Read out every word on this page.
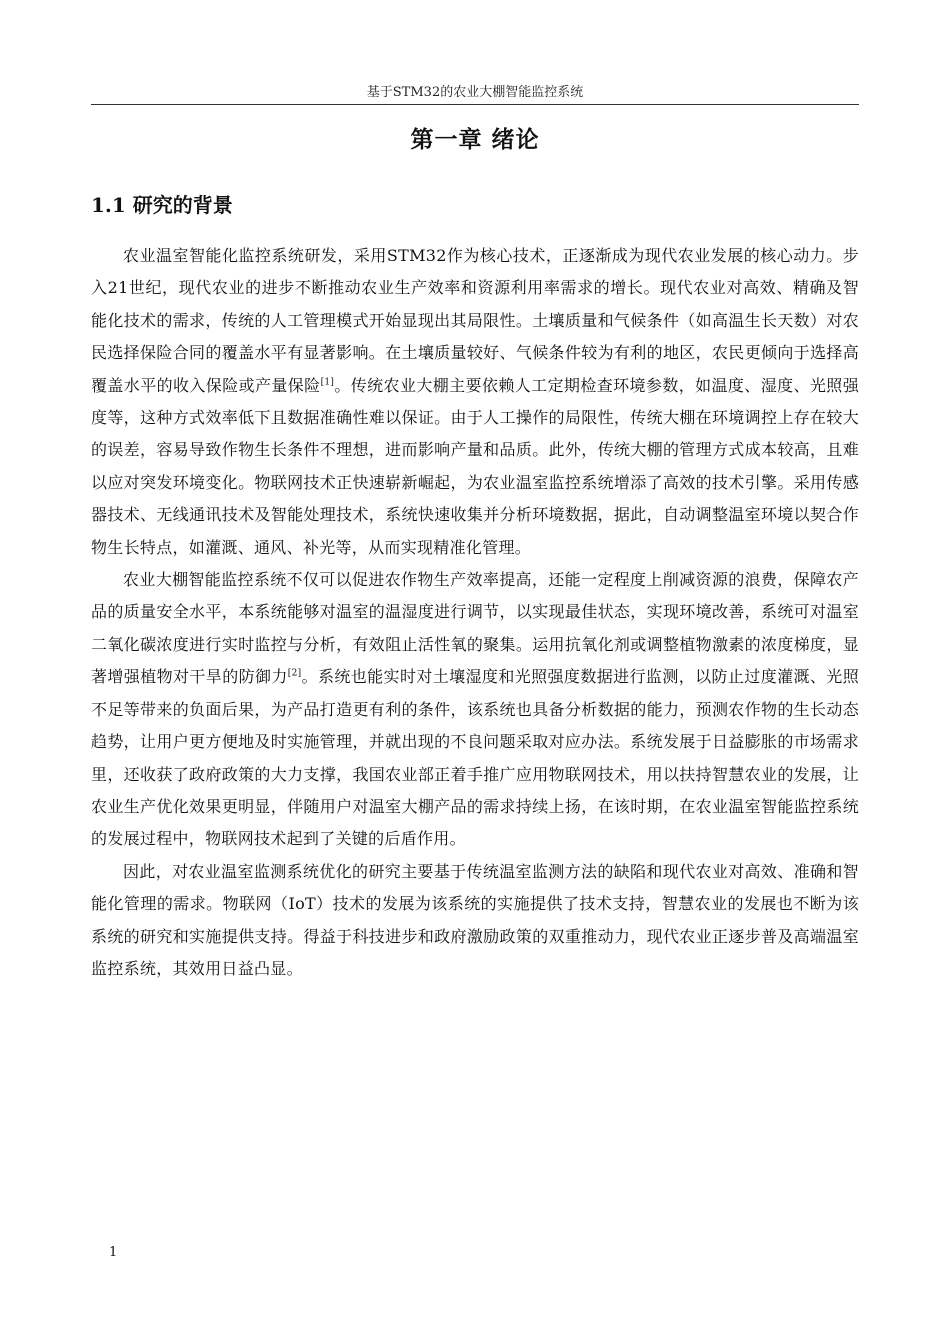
基于STM32的农业大棚智能监控系统
第一章 绪论
1.1 研究的背景

农业温室智能化监控系统研发，采用STM32作为核心技术，正逐渐成为现代农业发展的核心动力。步入21世纪，现代农业的进步不断推动农业生产效率和资源利用率需求的增长。现代农业对高效、精确及智能化技术的需求，传统的人工管理模式开始显现出其局限性。土壤质量和气候条件（如高温生长天数）对农民选择保险合同的覆盖水平有显著影响。在土壤质量较好、气候条件较为有利的地区，农民更倾向于选择高覆盖水平的收入保险或产量保险[1]。传统农业大棚主要依赖人工定期检查环境参数，如温度、湿度、光照强度等，这种方式效率低下且数据准确性难以保证。由于人工操作的局限性，传统大棚在环境调控上存在较大的误差，容易导致作物生长条件不理想，进而影响产量和品质。此外，传统大棚的管理方式成本较高，且难以应对突发环境变化。物联网技术正快速崭新崛起，为农业温室监控系统增添了高效的技术引擎。采用传感器技术、无线通讯技术及智能处理技术，系统快速收集并分析环境数据，据此，自动调整温室环境以契合作物生长特点，如灌溉、通风、补光等，从而实现精准化管理。

农业大棚智能监控系统不仅可以促进农作物生产效率提高，还能一定程度上削减资源的浪费，保障农产品的质量安全水平，本系统能够对温室的温湿度进行调节，以实现最佳状态，实现环境改善，系统可对温室二氧化碳浓度进行实时监控与分析，有效阻止活性氧的聚集。运用抗氧化剂或调整植物激素的浓度梯度，显著增强植物对干旱的防御力[2]。系统也能实时对土壤湿度和光照强度数据进行监测，以防止过度灌溉、光照不足等带来的负面后果，为产品打造更有利的条件，该系统也具备分析数据的能力，预测农作物的生长动态趋势，让用户更方便地及时实施管理，并就出现的不良问题采取对应办法。系统发展于日益膨胀的市场需求里，还收获了政府政策的大力支撑，我国农业部正着手推广应用物联网技术，用以扶持智慧农业的发展，让农业生产优化效果更明显，伴随用户对温室大棚产品的需求持续上扬，在该时期，在农业温室智能监控系统的发展过程中，物联网技术起到了关键的后盾作用。

因此，对农业温室监测系统优化的研究主要基于传统温室监测方法的缺陷和现代农业对高效、准确和智能化管理的需求。物联网（IoT）技术的发展为该系统的实施提供了技术支持，智慧农业的发展也不断为该系统的研究和实施提供支持。得益于科技进步和政府激励政策的双重推动力，现代农业正逐步普及高端温室监控系统，其效用日益凸显。

1
